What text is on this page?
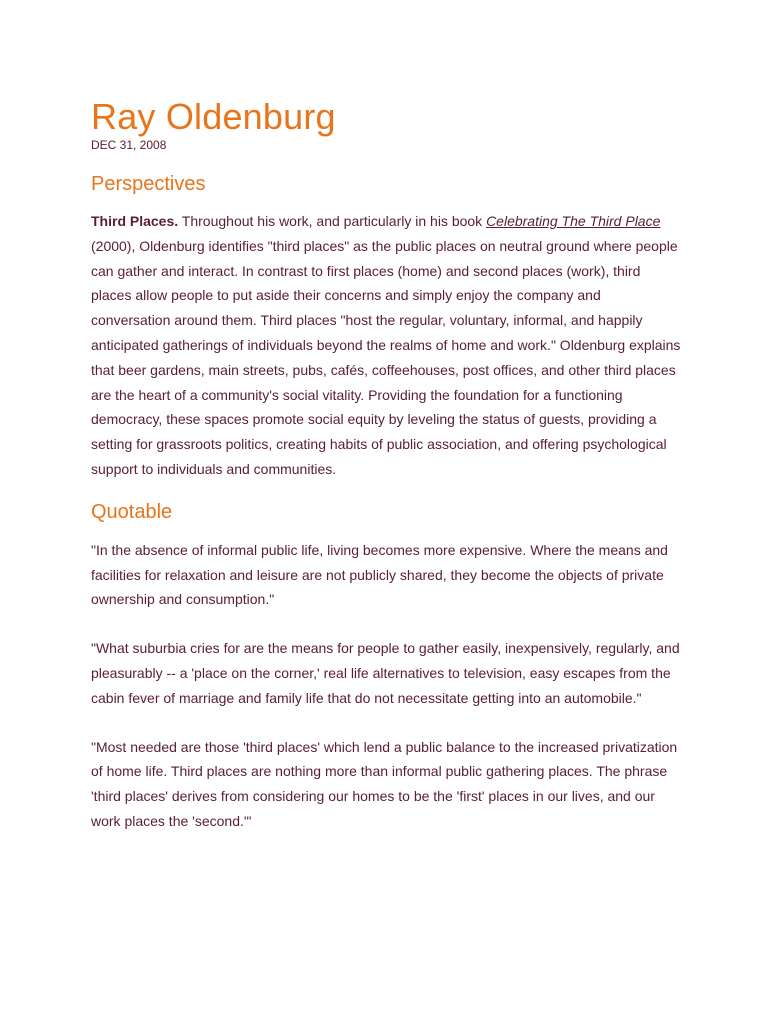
Ray Oldenburg

DEC 31, 2008

Perspectives

Third Places. Throughout his work, and particularly in his book Celebrating The Third Place (2000), Oldenburg identifies "third places" as the public places on neutral ground where people can gather and interact. In contrast to first places (home) and second places (work), third places allow people to put aside their concerns and simply enjoy the company and conversation around them. Third places "host the regular, voluntary, informal, and happily anticipated gatherings of individuals beyond the realms of home and work." Oldenburg explains that beer gardens, main streets, pubs, cafés, coffeehouses, post offices, and other third places are the heart of a community's social vitality. Providing the foundation for a functioning democracy, these spaces promote social equity by leveling the status of guests, providing a setting for grassroots politics, creating habits of public association, and offering psychological support to individuals and communities.

Quotable

"In the absence of informal public life, living becomes more expensive. Where the means and facilities for relaxation and leisure are not publicly shared, they become the objects of private ownership and consumption."

"What suburbia cries for are the means for people to gather easily, inexpensively, regularly, and pleasurably -- a 'place on the corner,' real life alternatives to television, easy escapes from the cabin fever of marriage and family life that do not necessitate getting into an automobile."

"Most needed are those 'third places' which lend a public balance to the increased privatization of home life. Third places are nothing more than informal public gathering places. The phrase 'third places' derives from considering our homes to be the 'first' places in our lives, and our work places the 'second.'"
